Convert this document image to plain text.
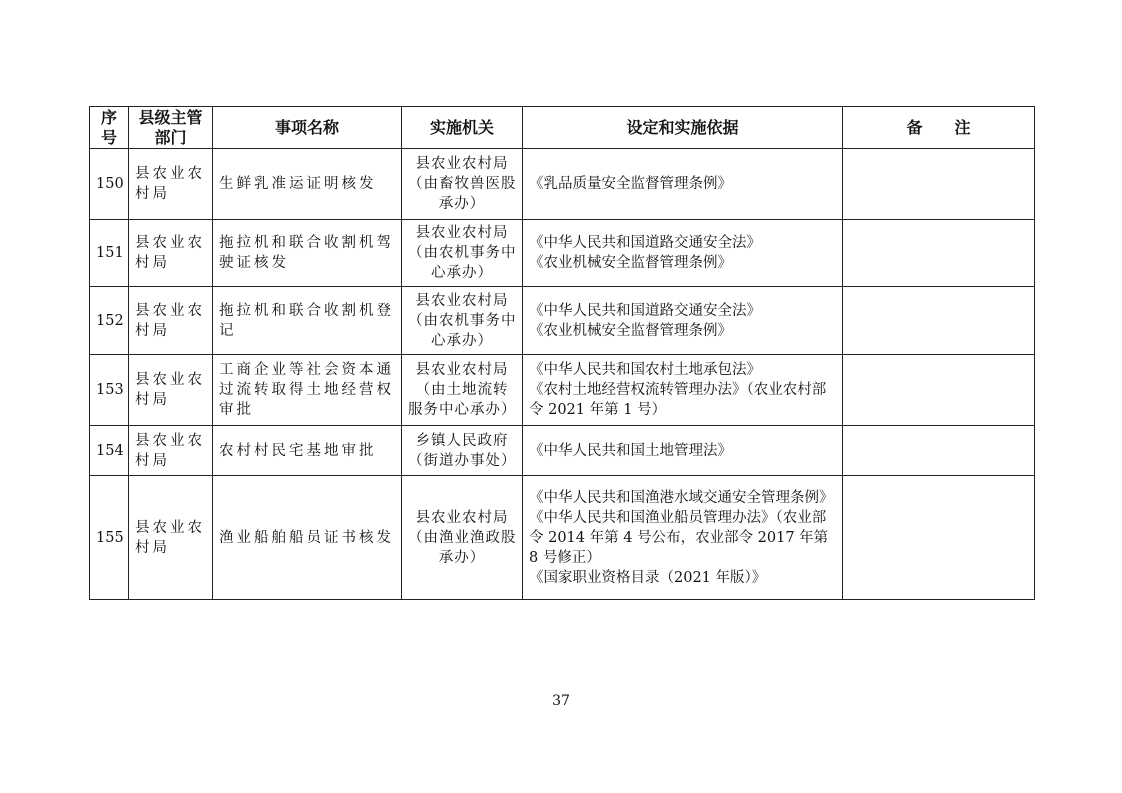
序号	县级主管部门	事项名称	实施机关	设定和实施依据	备　　注
150	县农业农村局	生鲜乳准运证明核发	县农业农村局
（由畜牧兽医股
承办）	《乳品质量安全监督管理条例》	

151	县农业农村局	拖拉机和联合收割机驾驶证核发	县农业农村局
（由农机事务中
心承办）	《中华人民共和国道路交通安全法》
《农业机械安全监督管理条例》	

152	县农业农村局	拖拉机和联合收割机登记	县农业农村局
（由农机事务中
心承办）	《中华人民共和国道路交通安全法》
《农业机械安全监督管理条例》	

153	县农业农村局	工商企业等社会资本通过流转取得土地经营权审批	县农业农村局
（由土地流转
服务中心承办）	《中华人民共和国农村土地承包法》
《农村土地经营权流转管理办法》（农业农村部令 2021 年第 1 号）	

154	县农业农村局	农村村民宅基地审批	乡镇人民政府
（街道办事处）	《中华人民共和国土地管理法》	

155	县农业农村局	渔业船舶船员证书核发	县农业农村局
（由渔业渔政股
承办）	《中华人民共和国渔港水域交通安全管理条例》
《中华人民共和国渔业船员管理办法》（农业部令 2014 年第 4 号公布，农业部令 2017 年第 8 号修正）
《国家职业资格目录（2021 年版）》	

37
